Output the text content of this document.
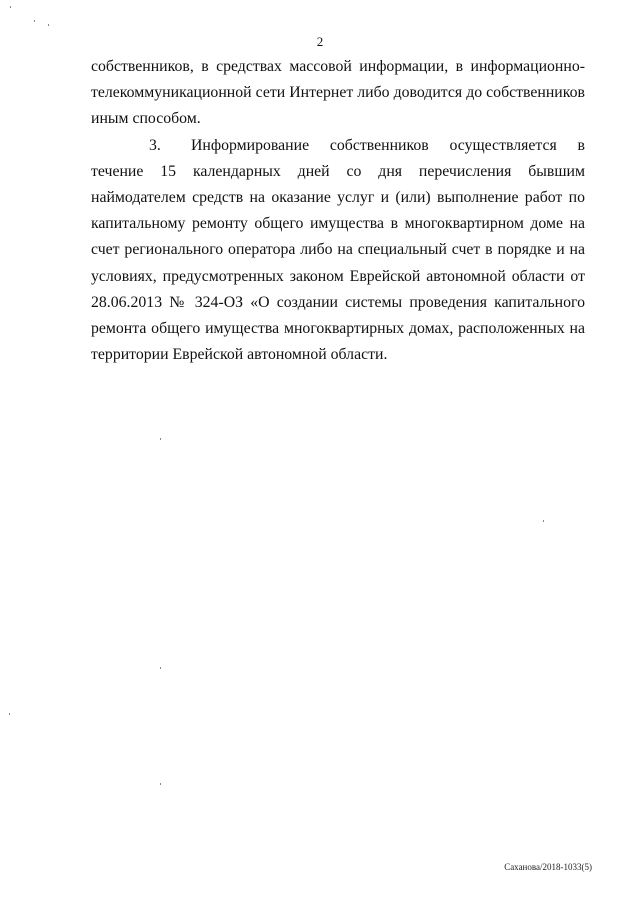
2

собственников, в средствах массовой информации, в информационно-телекоммуникационной сети Интернет либо доводится до собственников иным способом.

3. Информирование собственников осуществляется в течение 15 календарных дней со дня перечисления бывшим наймодателем средств на оказание услуг и (или) выполнение работ по капитальному ремонту общего имущества в многоквартирном доме на счет регионального оператора либо на специальный счет в порядке и на условиях, предусмотренных законом Еврейской автономной области от 28.06.2013 № 324-ОЗ «О создании системы проведения капитального ремонта общего имущества многоквартирных домах, расположенных на территории Еврейской автономной области.

Саханова/2018-1033(5)
